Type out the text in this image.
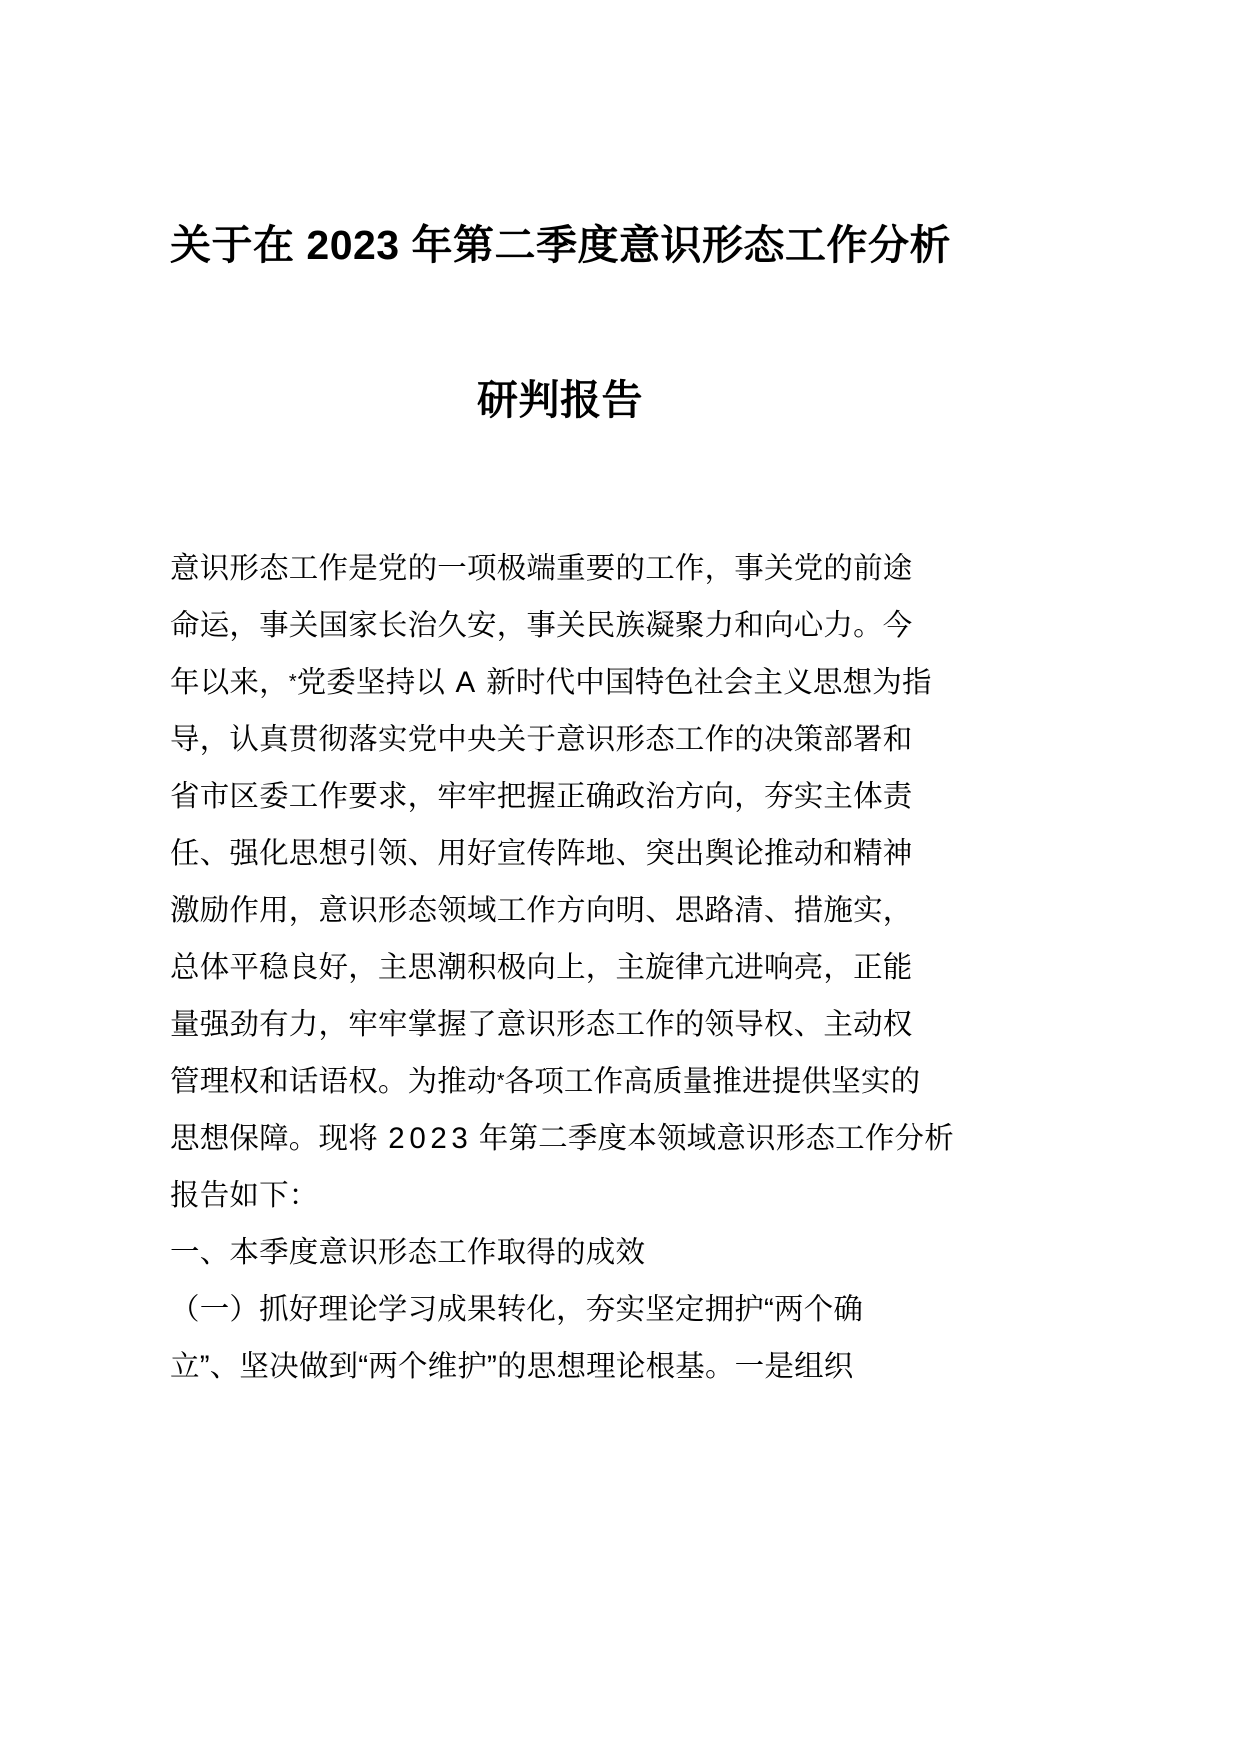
关于在 2023 年第二季度意识形态工作分析
研判报告
意识形态工作是党的一项极端重要的工作，事关党的前途
命运，事关国家长治久安，事关民族凝聚力和向心力。今
年以来，*党委坚持以 A 新时代中国特色社会主义思想为指
导，认真贯彻落实党中央关于意识形态工作的决策部署和
省市区委工作要求，牢牢把握正确政治方向，夯实主体责
任、强化思想引领、用好宣传阵地、突出舆论推动和精神
激励作用，意识形态领域工作方向明、思路清、措施实，
总体平稳良好，主思潮积极向上，主旋律亢进响亮，正能
量强劲有力，牢牢掌握了意识形态工作的领导权、主动权
管理权和话语权。为推动*各项工作高质量推进提供坚实的
思想保障。现将 2 0 2 3 年第二季度本领域意识形态工作分析
报告如下：
一、本季度意识形态工作取得的成效
（一）抓好理论学习成果转化，夯实坚定拥护“两个确
立”、坚决做到“两个维护”的思想理论根基。一是组织
